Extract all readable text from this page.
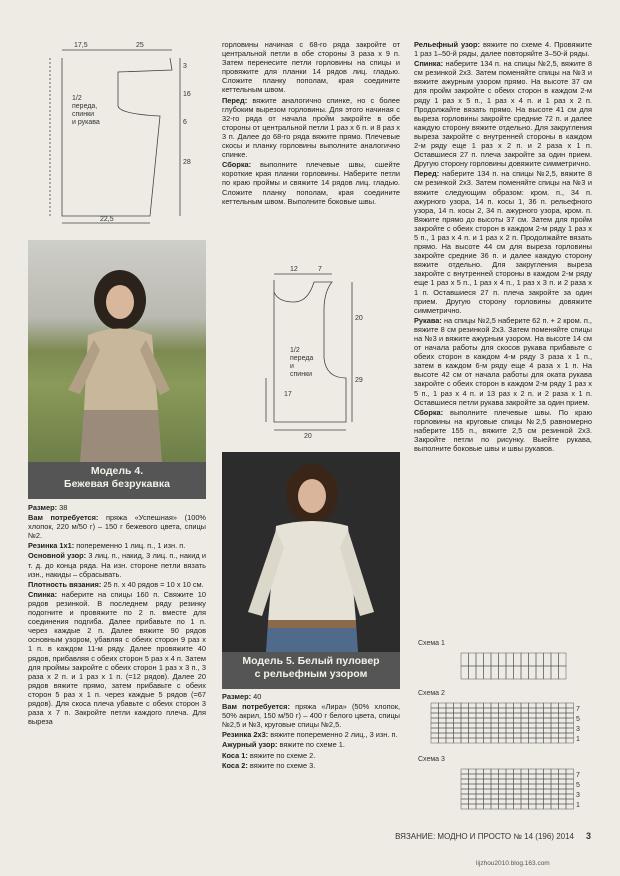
17,5	25
3
16
6
28
22,5
1/2
переда,
спинки
и рукава

горловины начиная с 68-го ряда закройте от центральной петли в обе стороны 3 раза х 9 п. Затем перенесите петли горловины на спицы и провяжите для планки 14 рядов лиц. гладью. Сложите планку пополам, края соедините кеттельным швом.

Перед: вяжите аналогично спинке, но с более глубоким вырезом горловины. Для этого начиная с 32-го ряда от начала пройм закройте в обе стороны от центральной петли 1 раз х 6 п. и 8 раз х 3 п. Далее до 68-го ряда вяжите прямо. Плечевые скосы и планку горловины выполните аналогично спинке.

Сборка: выполните плечевые швы, сшейте короткие края планки горловины. Наберите петли по краю проймы и свяжите 14 рядов лиц. гладью. Сложите планку пополам, края соедините кеттельным швом. Выполните боковые швы.

Модель 4.
Бежевая безрукавка

Размер: 38

Вам потребуется: пряжа «Успешная» (100% хлопок, 220 м/50 г) – 150 г бежевого цвета, спицы №2.

Резинка 1х1: попеременно 1 лиц. п., 1 изн. п.

Основной узор: 3 лиц. п., накид, 3 лиц. п., накид и т. д. до конца ряда. На изн. стороне петли вязать изн., накиды – сбрасывать.

Плотность вязания: 25 п. х 40 рядов = 10 х 10 см.

Спинка: наберите на спицы 160 п. Свяжите 10 рядов резинкой. В последнем ряду резинку подогните и провяжите по 2 п. вместе для соединения подгиба. Далее прибавьте по 1 п. через каждые 2 п. Далее вяжите 90 рядов основным узором, убавляя с обеих сторон 9 раз х 1 п. в каждом 11-м ряду. Далее провяжите 40 рядов, прибавляя с обеих сторон 5 раз х 4 п. Затем для проймы закройте с обеих сторон 1 раз х 3 п., 3 раза х 2 п. и 1 раз х 1 п. (=12 рядов). Далее 20 рядов вяжите прямо, затем прибавьте с обеих сторон 5 раз х 1 п. через каждые 5 рядов (=67 рядов). Для скоса плеча убавьте с обеих сторон 3 раза х 7 п. Закройте петли каждого плеча. Для выреза

12	7
20
17
29
20
1/2
переда
и
спинки
Модель 5. Белый пуловер
с рельефным узором

Размер: 40

Вам потребуется: пряжа «Лира» (50% хлопок, 50% акрил, 150 м/50 г) – 400 г белого цвета, спицы №2,5 и №3, круговые спицы №2,5.

Резинка 2х3: вяжите попеременно 2 лиц., 3 изн. п.

Ажурный узор: вяжите по схеме 1.

Коса 1: вяжите по схеме 2.

Коса 2: вяжите по схеме 3.

Рельефный узор: вяжите по схеме 4. Провяжите 1 раз 1–50-й ряды, далее повторяйте 3–50-й ряды.

Спинка: наберите 134 п. на спицы №2,5, вяжите 8 см резинкой 2х3. Затем поменяйте спицы на №3 и вяжите ажурным узором прямо. На высоте 37 см для пройм закройте с обеих сторон в каждом 2-м ряду 1 раз х 5 п., 1 раз х 4 п. и 1 раз х 2 п. Продолжайте вязать прямо. На высоте 41 см для выреза горловины закройте средние 72 п. и далее каждую сторону вяжите отдельно. Для закругления выреза закройте с внутренней стороны в каждом 2-м ряду еще 1 раз х 2 п. и 2 раза х 1 п. Оставшиеся 27 п. плеча закройте за один прием. Другую сторону горловины довяжите симметрично.

Перед: наберите 134 п. на спицы №2,5, вяжите 8 см резинкой 2х3. Затем поменяйте спицы на №3 и вяжите следующим образом: кром. п., 34 п. ажурного узора, 14 п. косы 1, 36 п. рельефного узора, 14 п. косы 2, 34 п. ажурного узора, кром. п. Вяжите прямо до высоты 37 см. Затем для пройм закройте с обеих сторон в каждом 2-м ряду 1 раз х 5 п., 1 раз х 4 п. и 1 раз х 2 п. Продолжайте вязать прямо. На высоте 44 см для выреза горловины закройте средние 36 п. и далее каждую сторону вяжите отдельно. Для закругления выреза закройте с внутренней стороны в каждом 2-м ряду еще 1 раз х 5 п., 1 раз х 4 п., 1 раз х 3 п. и 2 раза х 1 п. Оставшиеся 27 п. плеча закройте за один прием. Другую сторону горловины довяжите симметрично.

Рукава: на спицы №2,5 наберите 62 п. + 2 кром. п., вяжите 8 см резинкой 2х3. Затем поменяйте спицы на №3 и вяжите ажурным узором. На высоте 14 см от начала работы для скосов рукава прибавьте с обеих сторон в каждом 4-м ряду 3 раза х 1 п., затем в каждом 6-м ряду еще 4 раза х 1 п. На высоте 42 см от начала работы для оката рукава закройте с обеих сторон в каждом 2-м ряду 1 раз х 5 п., 1 раз х 4 п. и 13 раз х 2 п. и 2 раза х 1 п. Оставшиеся петли рукава закройте за один прием.

Сборка: выполните плечевые швы. По краю горловины на круговые спицы №2,5 равномерно наберите 155 п., вяжите 2,5 см резинкой 2х3. Закройте петли по рисунку. Выейте рукава, выполните боковые швы и швы рукавов.

Схема 1
Схема 2
7
5
3
1
Схема 3
7
5
3
1
ВЯЗАНИЕ: МОДНО И ПРОСТО № 14 (196) 2014 3
lijzhou2010.blog.163.com
